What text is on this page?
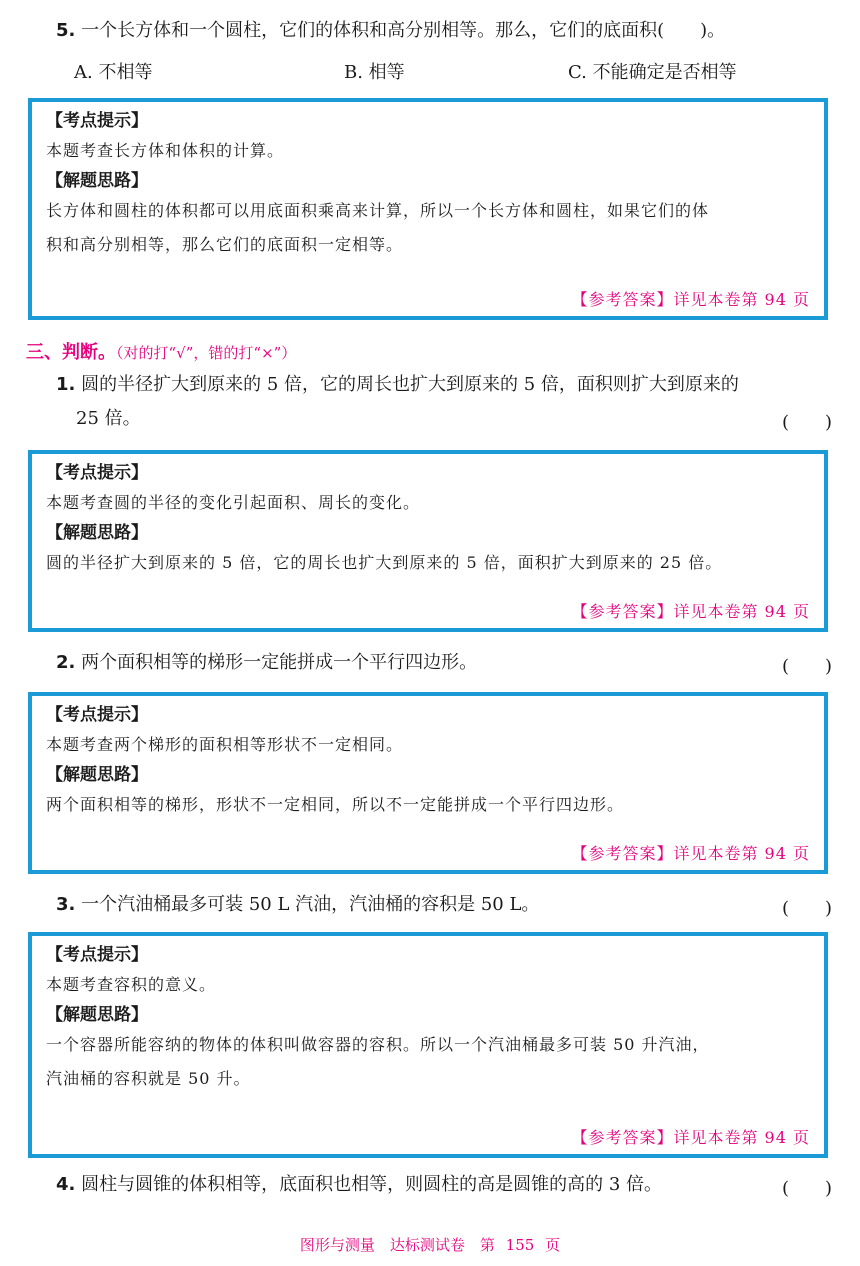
5. 一个长方体和一个圆柱，它们的体积和高分别相等。那么，它们的底面积(　　)。
A. 不相等	B. 相等	C. 不能确定是否相等
【考点提示】
本题考查长方体和体积的计算。
【解题思路】
长方体和圆柱的体积都可以用底面积乘高来计算，所以一个长方体和圆柱，如果它们的体
积和高分别相等，那么它们的底面积一定相等。
【参考答案】详见本卷第 94 页
三、判断。（对的打“√”，错的打“×”）
1. 圆的半径扩大到原来的 5 倍，它的周长也扩大到原来的 5 倍，面积则扩大到原来的
25 倍。	(　　)
【考点提示】
本题考查圆的半径的变化引起面积、周长的变化。
【解题思路】
圆的半径扩大到原来的 5 倍，它的周长也扩大到原来的 5 倍，面积扩大到原来的 25 倍。
【参考答案】详见本卷第 94 页
2. 两个面积相等的梯形一定能拼成一个平行四边形。	(　　)
【考点提示】
本题考查两个梯形的面积相等形状不一定相同。
【解题思路】
两个面积相等的梯形，形状不一定相同，所以不一定能拼成一个平行四边形。
【参考答案】详见本卷第 94 页
3. 一个汽油桶最多可装 50 L 汽油，汽油桶的容积是 50 L。	(　　)
【考点提示】
本题考查容积的意义。
【解题思路】
一个容器所能容纳的物体的体积叫做容器的容积。所以一个汽油桶最多可装 50 升汽油，
汽油桶的容积就是 50 升。
【参考答案】详见本卷第 94 页
4. 圆柱与圆锥的体积相等，底面积也相等，则圆柱的高是圆锥的高的 3 倍。	(　　)
图形与测量　达标测试卷　第 155 页
